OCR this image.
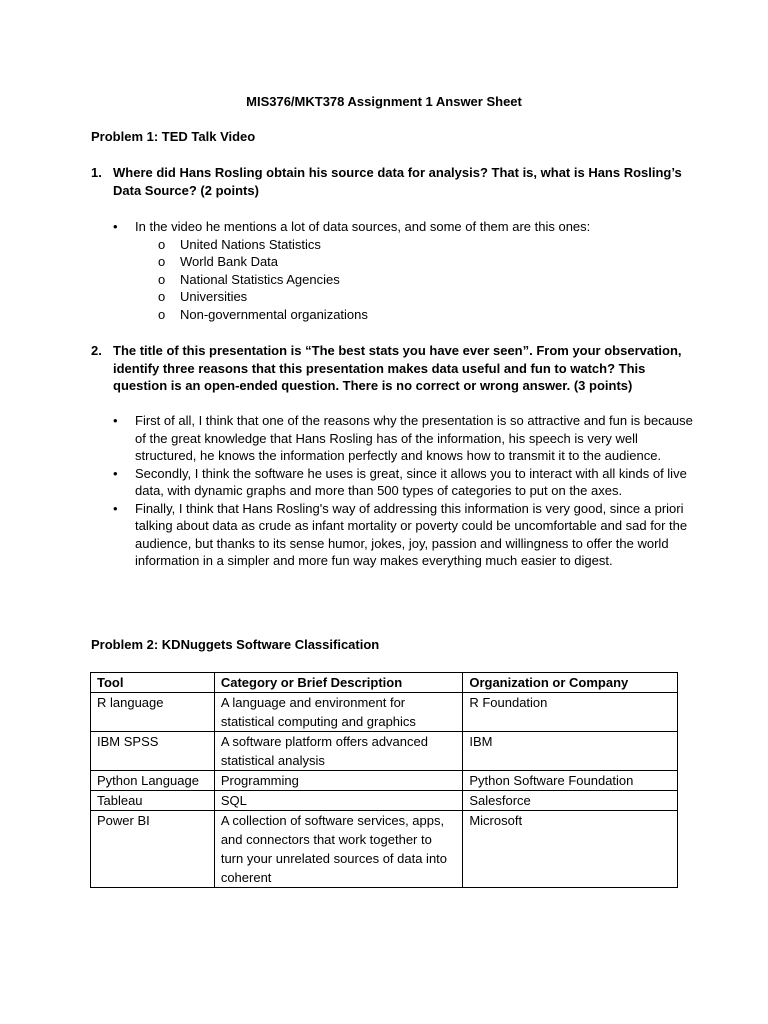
MIS376/MKT378 Assignment 1 Answer Sheet
Problem 1: TED Talk Video
1. Where did Hans Rosling obtain his source data for analysis? That is, what is Hans Rosling’s Data Source? (2 points)
•	In the video he mentions a lot of data sources, and some of them are this ones:
o United Nations Statistics
o World Bank Data
o National Statistics Agencies
o Universities
o Non-governmental organizations
2. The title of this presentation is “The best stats you have ever seen”. From your observation, identify three reasons that this presentation makes data useful and fun to watch? This question is an open-ended question. There is no correct or wrong answer. (3 points)
•	First of all, I think that one of the reasons why the presentation is so attractive and fun is because of the great knowledge that Hans Rosling has of the information, his speech is very well structured, he knows the information perfectly and knows how to transmit it to the audience.
•	Secondly, I think the software he uses is great, since it allows you to interact with all kinds of live data, with dynamic graphs and more than 500 types of categories to put on the axes.
•	Finally, I think that Hans Rosling's way of addressing this information is very good, since a priori talking about data as crude as infant mortality or poverty could be uncomfortable and sad for the audience, but thanks to its sense humor, jokes, joy, passion and willingness to offer the world information in a simpler and more fun way makes everything much easier to digest.
Problem 2: KDNuggets Software Classification
Tool	Category or Brief Description	Organization or Company
R language	A language and environment for statistical computing and graphics	R Foundation
IBM SPSS	A software platform offers advanced statistical analysis	IBM
Python Language	Programming	Python Software Foundation
Tableau	SQL	Salesforce
Power BI	A collection of software services, apps, and connectors that work together to turn your unrelated sources of data into coherent	Microsoft
